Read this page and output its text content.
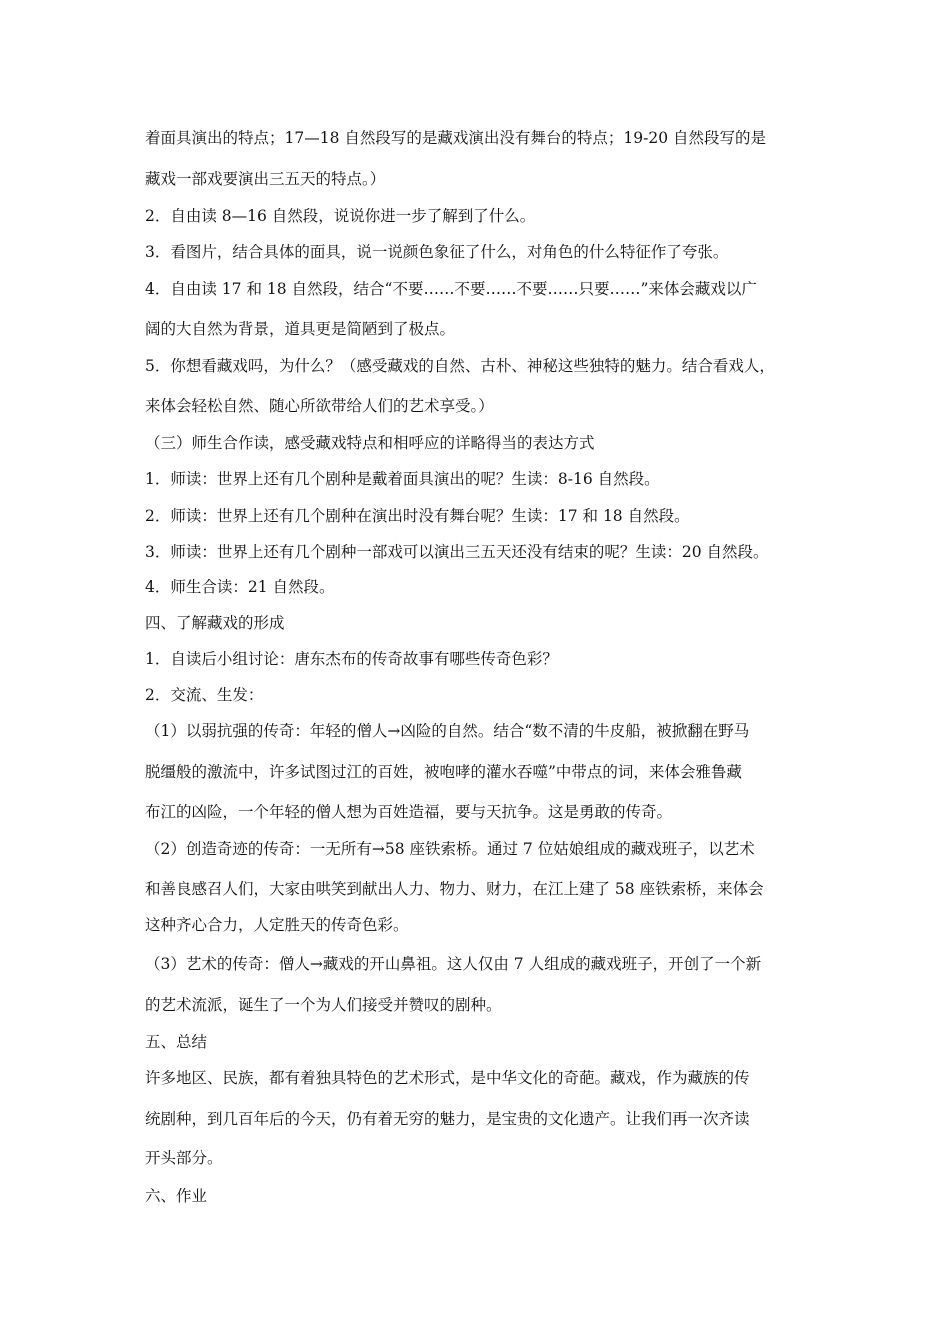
着面具演出的特点；17—18 自然段写的是藏戏演出没有舞台的特点；19-20 自然段写的是

藏戏一部戏要演出三五天的特点。）

2．自由读 8—16 自然段，说说你进一步了解到了什么。

3．看图片，结合具体的面具，说一说颜色象征了什么，对角色的什么特征作了夸张。

4．自由读 17 和 18 自然段，结合“不要……不要……不要……只要……”来体会藏戏以广

阔的大自然为背景，道具更是简陋到了极点。

5．你想看藏戏吗，为什么？（感受藏戏的自然、古朴、神秘这些独特的魅力。结合看戏人，

来体会轻松自然、随心所欲带给人们的艺术享受。）

（三）师生合作读，感受藏戏特点和相呼应的详略得当的表达方式

1．师读：世界上还有几个剧种是戴着面具演出的呢？生读：8-16 自然段。

2．师读：世界上还有几个剧种在演出时没有舞台呢？生读：17 和 18 自然段。

3．师读：世界上还有几个剧种一部戏可以演出三五天还没有结束的呢？生读：20 自然段。

4．师生合读：21 自然段。

四、了解藏戏的形成

1．自读后小组讨论：唐东杰布的传奇故事有哪些传奇色彩？

2．交流、生发：

（1）以弱抗强的传奇：年轻的僧人→凶险的自然。结合“数不清的牛皮船，被掀翻在野马

脱缰般的激流中，许多试图过江的百姓，被咆哮的灌水吞噬”中带点的词，来体会雅鲁藏

布江的凶险，一个年轻的僧人想为百姓造福，要与天抗争。这是勇敢的传奇。

（2）创造奇迹的传奇：一无所有→58 座铁索桥。通过 7 位姑娘组成的藏戏班子，以艺术

和善良感召人们，大家由哄笑到献出人力、物力、财力，在江上建了 58 座铁索桥，来体会

这种齐心合力，人定胜天的传奇色彩。

（3）艺术的传奇：僧人→藏戏的开山鼻祖。这人仅由 7 人组成的藏戏班子，开创了一个新

的艺术流派，诞生了一个为人们接受并赞叹的剧种。

五、总结

许多地区、民族，都有着独具特色的艺术形式，是中华文化的奇葩。藏戏，作为藏族的传

统剧种，到几百年后的今天，仍有着无穷的魅力，是宝贵的文化遗产。让我们再一次齐读

开头部分。

六、作业
